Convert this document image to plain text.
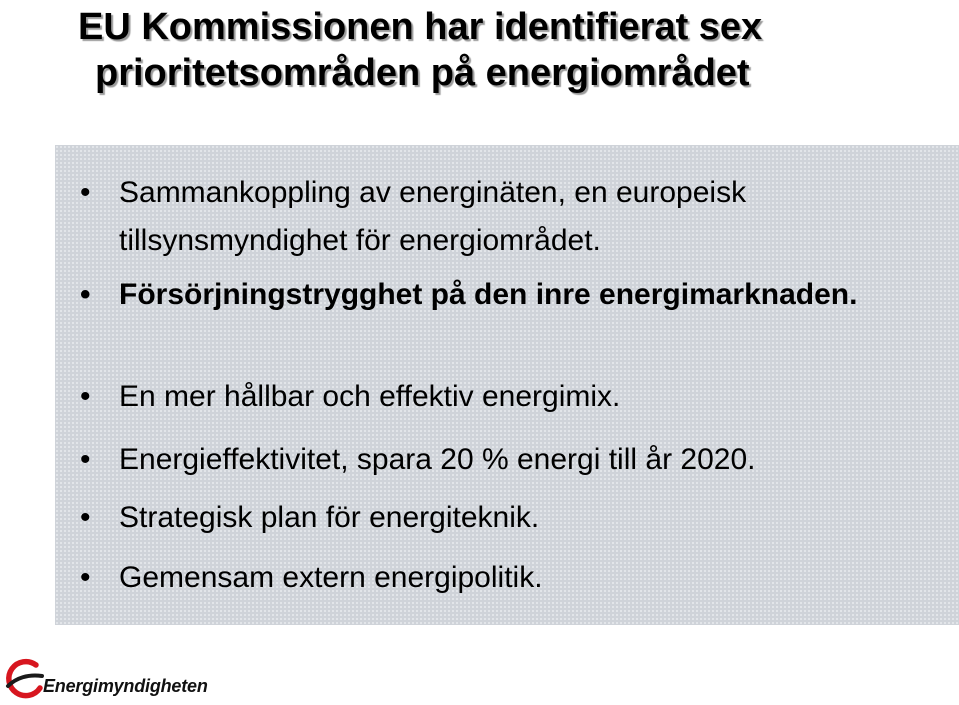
EU Kommissionen har identifierat sex
prioritetsområden på energiområdet
• Sammankoppling av energinäten, en europeisk tillsynsmyndighet för energiområdet.
• Försörjningstrygghet på den inre energimarknaden.
• En mer hållbar och effektiv energimix.
• Energieffektivitet, spara 20 % energi till år 2020.
• Strategisk plan för energiteknik.
• Gemensam extern energipolitik.
Energimyndigheten
